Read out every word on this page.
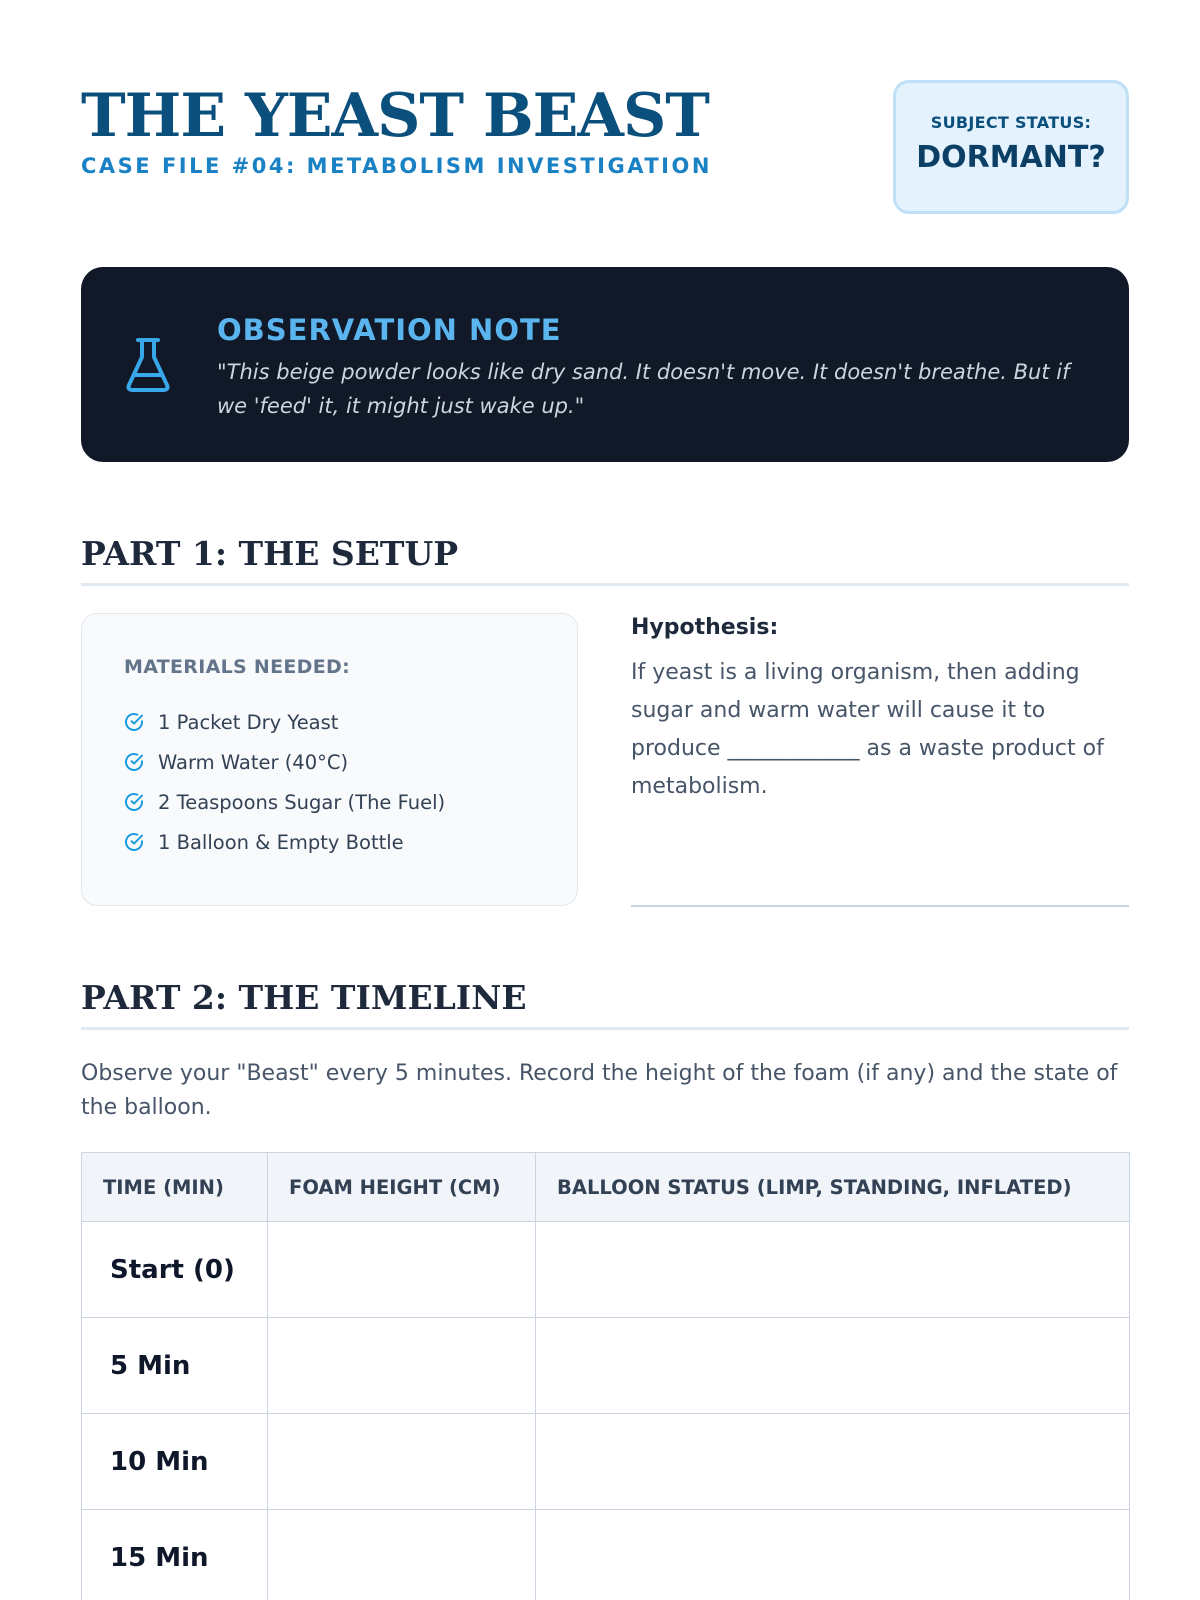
THE YEAST BEAST
CASE FILE #04: METABOLISM INVESTIGATION
SUBJECT STATUS:
DORMANT?
OBSERVATION NOTE
"This beige powder looks like dry sand. It doesn't move. It doesn't breathe. But if we 'feed' it, it might just wake up."
PART 1: THE SETUP
MATERIALS NEEDED:
1 Packet Dry Yeast
Warm Water (40°C)
2 Teaspoons Sugar (The Fuel)
1 Balloon & Empty Bottle
Hypothesis:
If yeast is a living organism, then adding sugar and warm water will cause it to produce ____________ as a waste product of metabolism.
PART 2: THE TIMELINE
Observe your "Beast" every 5 minutes. Record the height of the foam (if any) and the state of the balloon.
TIME (MIN)	FOAM HEIGHT (CM)	BALLOON STATUS (LIMP, STANDING, INFLATED)
Start (0)		
5 Min		
10 Min		
15 Min		
